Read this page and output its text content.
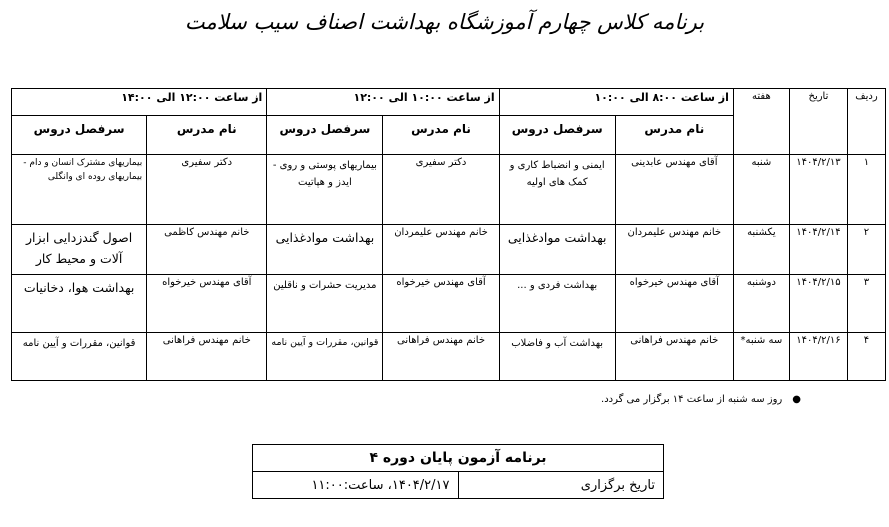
برنامه کلاس چهارم آموزشگاه بهداشت اصناف سیب سلامت
ردیف	تاریخ	هفته	از ساعت ۸:۰۰ الی ۱۰:۰۰		از ساعت ۱۰:۰۰ الی ۱۲:۰۰		از ساعت ۱۲:۰۰ الی ۱۴:۰۰	
			نام مدرس	سرفصل دروس	نام مدرس	سرفصل دروس	نام مدرس	سرفصل دروس
۱	۱۴۰۴/۲/۱۳	شنبه	آقای مهندس عابدینی	ایمنی و انضباط کاری و کمک های اولیه	دکتر سفیری	بیماریهای پوستی و روی - ایدز و هپاتیت	دکتر سفیری	بیماریهای مشترک انسان و دام - بیماریهای روده ای وانگلی
۲	۱۴۰۴/۲/۱۴	یکشنبه	خانم مهندس علیمردان	بهداشت موادغذایی	خانم مهندس علیمردان	بهداشت موادغذایی	خانم مهندس کاظمی	اصول گندزدایی ابزار آلات و محیط کار
۳	۱۴۰۴/۲/۱۵	دوشنبه	آقای مهندس خیرخواه	بهداشت فردی و ...	آقای مهندس خیرخواه	مدیریت حشرات و ناقلین	آقای مهندس خیرخواه	بهداشت هوا، دخانیات
۴	۱۴۰۴/۲/۱۶	سه شنبه*	خانم مهندس فراهانی	بهداشت آب و فاضلاب	خانم مهندس فراهانی	قوانین، مقررات و آیین نامه	خانم مهندس فراهانی	قوانین، مقررات و آیین نامه
●
روز سه شنبه از ساعت ۱۴ برگزار می گردد.
برنامه آزمون پایان دوره ۴
تاریخ برگزاری	۱۴۰۴/۲/۱۷، ساعت:۱۱:۰۰
